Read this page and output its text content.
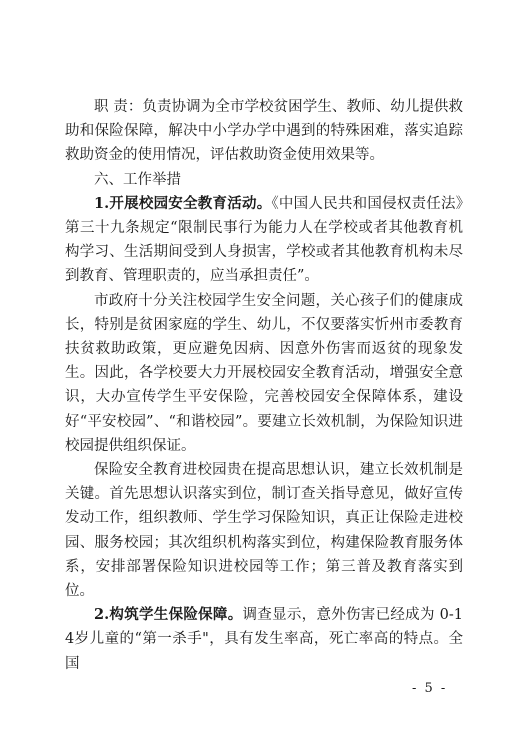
职 责：负责协调为全市学校贫困学生、教师、幼儿提供救助和保险保障，解决中小学办学中遇到的特殊困难，落实追踪救助资金的使用情况，评估救助资金使用效果等。

六、工作举措

1.开展校园安全教育活动。《中国人民共和国侵权责任法》第三十九条规定“限制民事行为能力人在学校或者其他教育机构学习、生活期间受到人身损害，学校或者其他教育机构未尽到教育、管理职责的，应当承担责任”。

市政府十分关注校园学生安全问题，关心孩子们的健康成长，特别是贫困家庭的学生、幼儿，不仅要落实忻州市委教育扶贫救助政策，更应避免因病、因意外伤害而返贫的现象发生。因此，各学校要大力开展校园安全教育活动，增强安全意识，大办宣传学生平安保险，完善校园安全保障体系，建设好“平安校园”、“和谐校园”。要建立长效机制，为保险知识进校园提供组织保证。

保险安全教育进校园贵在提高思想认识，建立长效机制是关键。首先思想认识落实到位，制订查关指导意见，做好宣传发动工作，组织教师、学生学习保险知识，真正让保险走进校园、服务校园；其次组织机构落实到位，构建保险教育服务体系，安排部署保险知识进校园等工作；第三普及教育落实到位。

2.构筑学生保险保障。调查显示，意外伤害已经成为 0-14岁儿童的“第一杀手"，具有发生率高，死亡率高的特点。全国

- 5 -
